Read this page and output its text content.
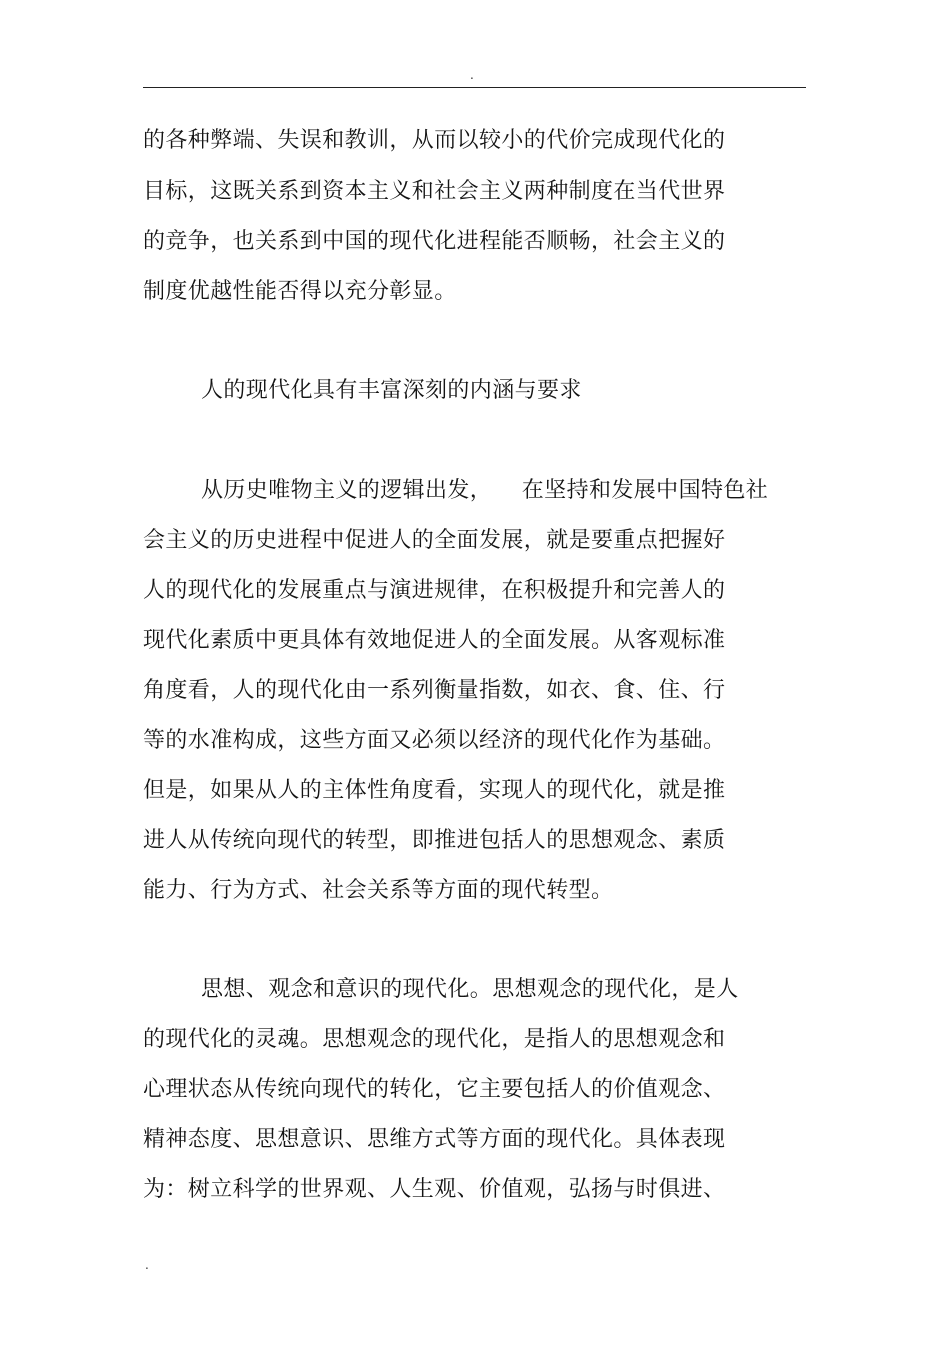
.
的各种弊端、失误和教训，从而以较小的代价完成现代化的
目标，这既关系到资本主义和社会主义两种制度在当代世界
的竞争，也关系到中国的现代化进程能否顺畅，社会主义的
制度优越性能否得以充分彰显。
人的现代化具有丰富深刻的内涵与要求
从历史唯物主义的逻辑出发，    在坚持和发展中国特色社
会主义的历史进程中促进人的全面发展，就是要重点把握好
人的现代化的发展重点与演进规律，在积极提升和完善人的
现代化素质中更具体有效地促进人的全面发展。从客观标准
角度看，人的现代化由一系列衡量指数，如衣、食、住、行
等的水准构成，这些方面又必须以经济的现代化作为基础。
但是，如果从人的主体性角度看，实现人的现代化，就是推
进人从传统向现代的转型，即推进包括人的思想观念、素质
能力、行为方式、社会关系等方面的现代转型。
思想、观念和意识的现代化。思想观念的现代化，是人
的现代化的灵魂。思想观念的现代化，是指人的思想观念和
心理状态从传统向现代的转化，它主要包括人的价值观念、
精神态度、思想意识、思维方式等方面的现代化。具体表现
为：树立科学的世界观、人生观、价值观，弘扬与时俱进、
.
